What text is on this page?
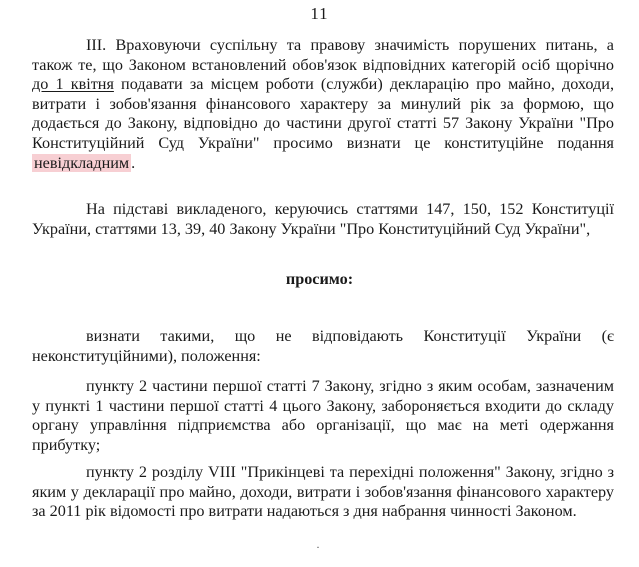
11

III. Враховуючи суспільну та правову значимість порушених питань, а також те, що Законом встановлений обов'язок відповідних категорій осіб щорічно до 1 квітня подавати за місцем роботи (служби) декларацію про майно, доходи, витрати і зобов'язання фінансового характеру за минулий рік за формою, що додається до Закону, відповідно до частини другої статті 57 Закону України "Про Конституційний Суд України" просимо визнати це конституційне подання невідкладним .

На підставі викладеного, керуючись статтями 147, 150, 152 Конституції України, статтями 13, 39, 40 Закону України "Про Конституційний Суд України",

просимо:

визнати такими, що не відповідають Конституції України (є неконституційними), положення:

пункту 2 частини першої статті 7 Закону, згідно з яким особам, зазначеним у пункті 1 частини першої статті 4 цього Закону, забороняється входити до складу органу управління підприємства або організації, що має на меті одержання прибутку;

пункту 2 розділу VIII "Прикінцеві та перехідні положення" Закону, згідно з яким у декларації про майно, доходи, витрати і зобов'язання фінансового характеру за 2011 рік відомості про витрати надаються з дня набрання чинності Законом.

·
